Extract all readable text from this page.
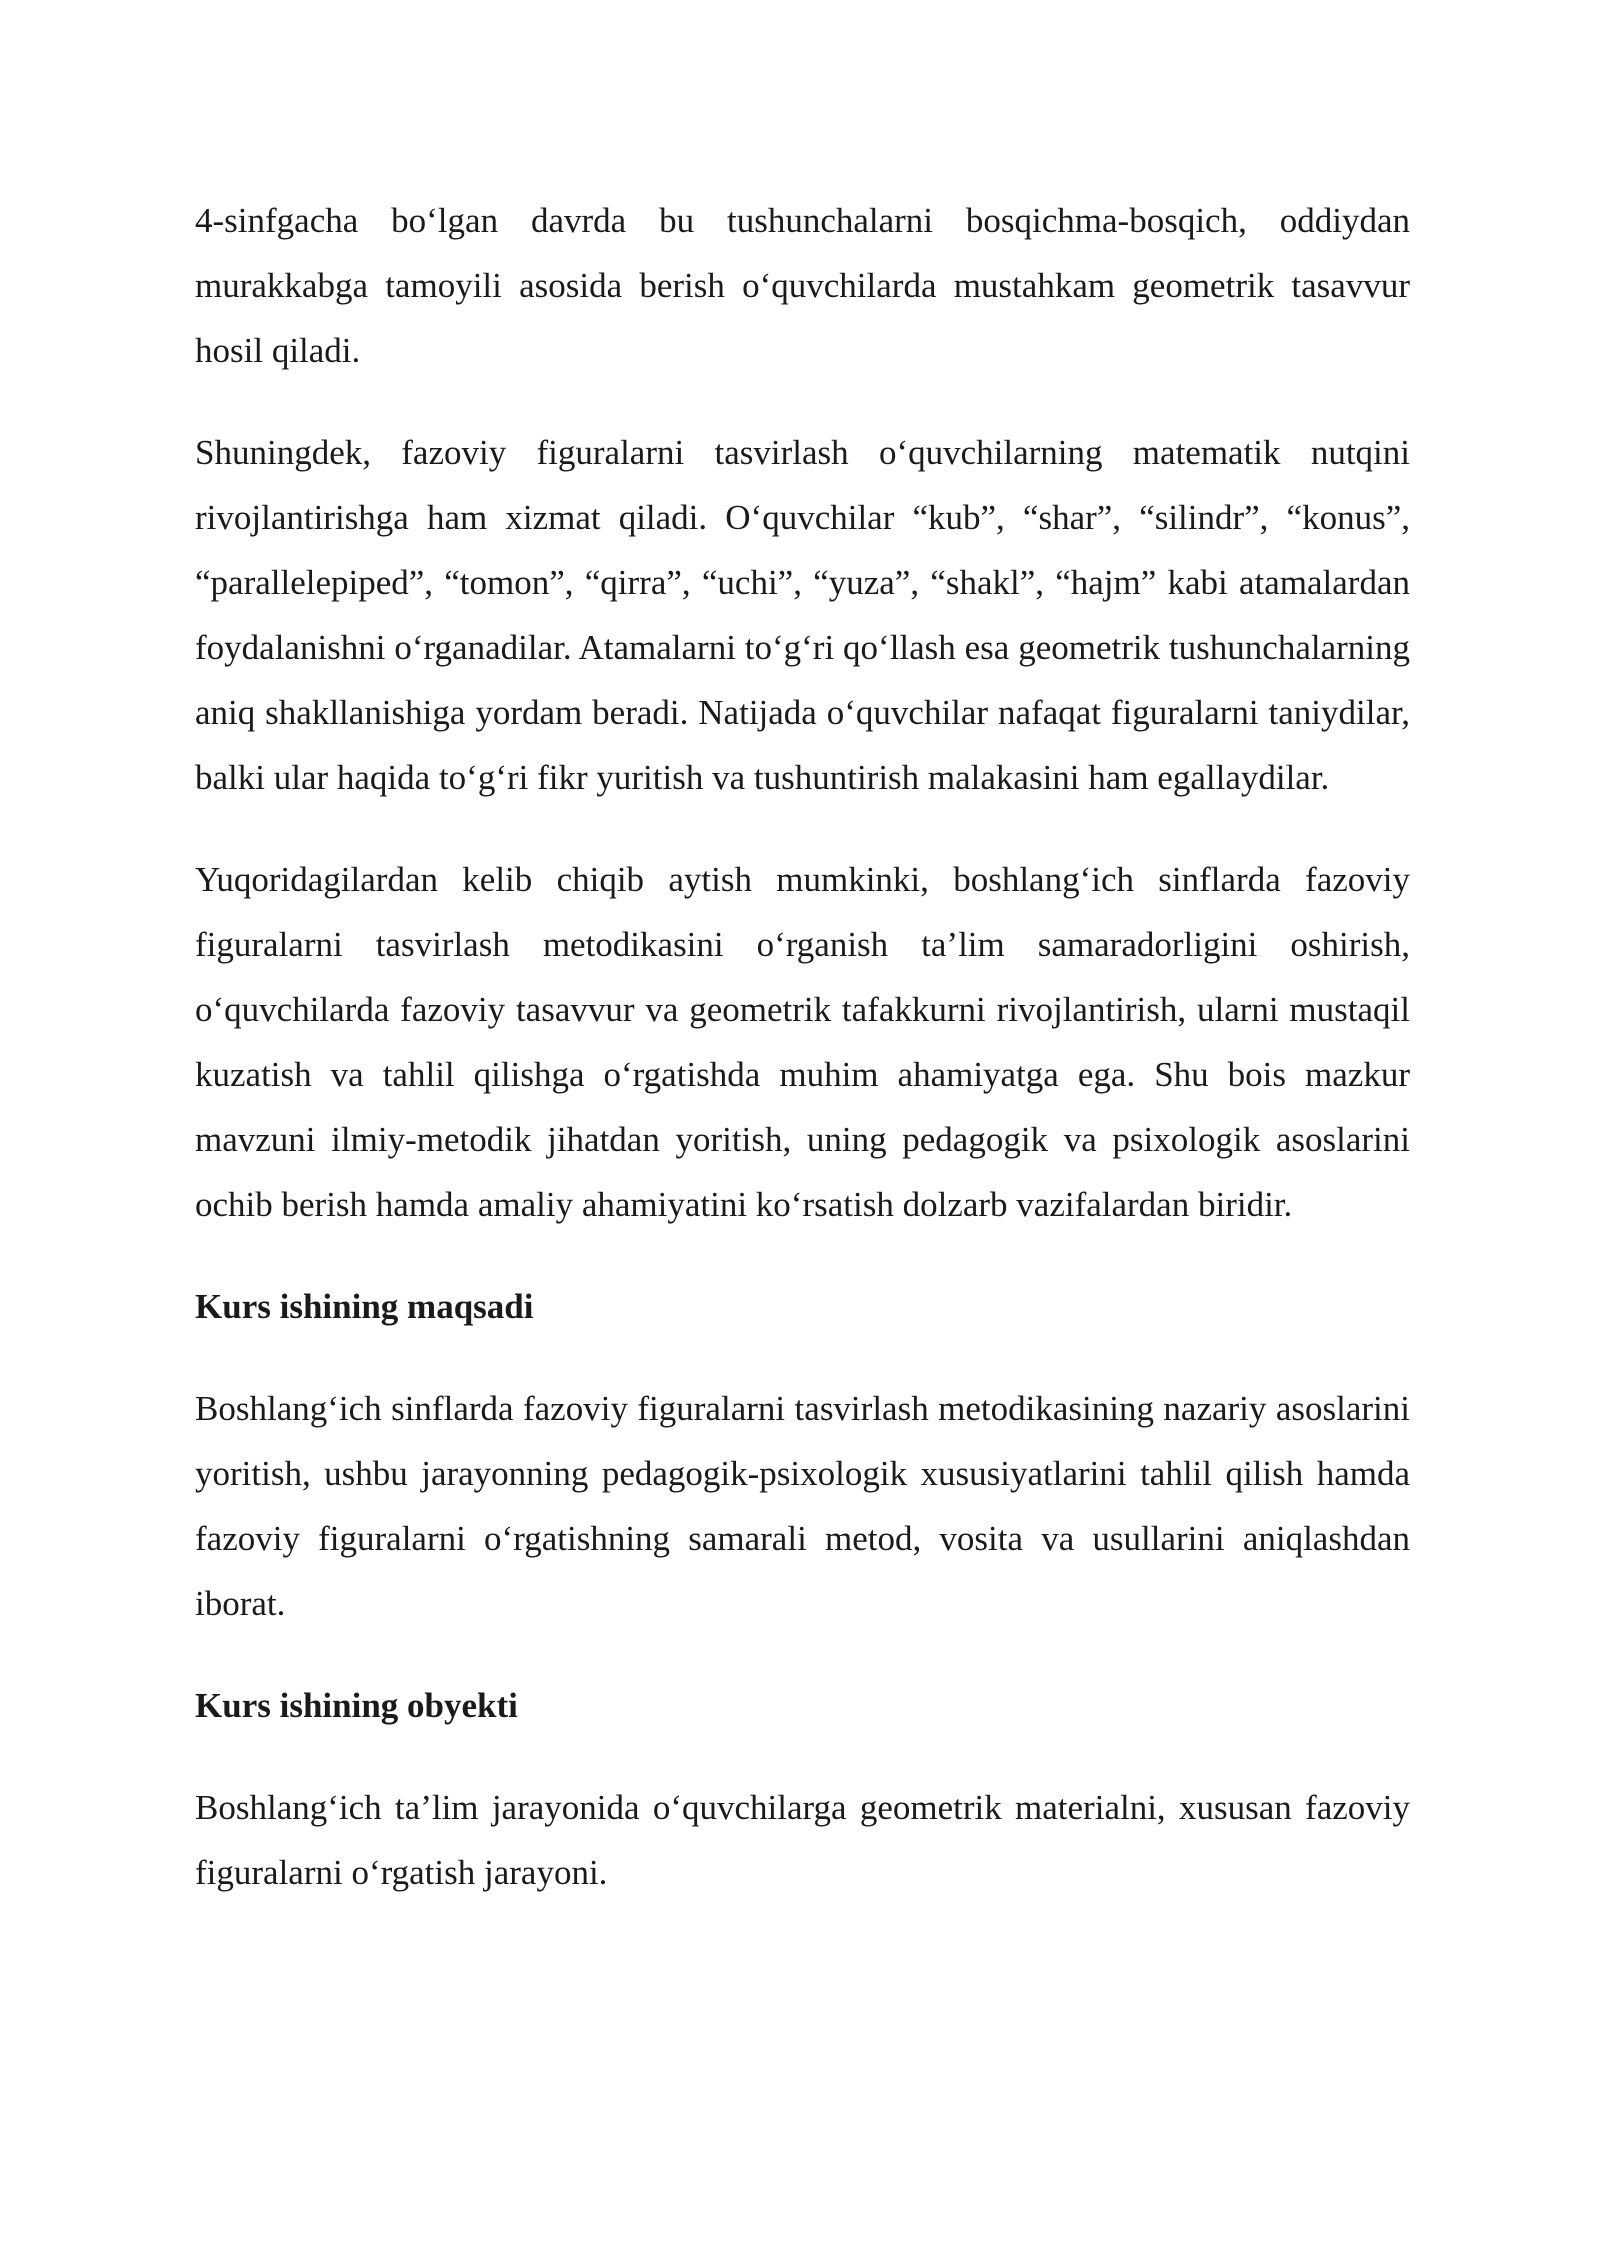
4-sinfgacha bo‘lgan davrda bu tushunchalarni bosqichma-bosqich, oddiydan murakkabga tamoyili asosida berish o‘quvchilarda mustahkam geometrik tasavvur hosil qiladi.

Shuningdek, fazoviy figuralarni tasvirlash o‘quvchilarning matematik nutqini rivojlantirishga ham xizmat qiladi. O‘quvchilar “kub”, “shar”, “silindr”, “konus”, “parallelepiped”, “tomon”, “qirra”, “uchi”, “yuza”, “shakl”, “hajm” kabi atamalardan foydalanishni o‘rganadilar. Atamalarni to‘g‘ri qo‘llash esa geometrik tushunchalarning aniq shakllanishiga yordam beradi. Natijada o‘quvchilar nafaqat figuralarni taniydilar, balki ular haqida to‘g‘ri fikr yuritish va tushuntirish malakasini ham egallaydilar.

Yuqoridagilardan kelib chiqib aytish mumkinki, boshlang‘ich sinflarda fazoviy figuralarni tasvirlash metodikasini o‘rganish ta’lim samaradorligini oshirish, o‘quvchilarda fazoviy tasavvur va geometrik tafakkurni rivojlantirish, ularni mustaqil kuzatish va tahlil qilishga o‘rgatishda muhim ahamiyatga ega. Shu bois mazkur mavzuni ilmiy-metodik jihatdan yoritish, uning pedagogik va psixologik asoslarini ochib berish hamda amaliy ahamiyatini ko‘rsatish dolzarb vazifalardan biridir.

Kurs ishining maqsadi

Boshlang‘ich sinflarda fazoviy figuralarni tasvirlash metodikasining nazariy asoslarini yoritish, ushbu jarayonning pedagogik-psixologik xususiyatlarini tahlil qilish hamda fazoviy figuralarni o‘rgatishning samarali metod, vosita va usullarini aniqlashdan iborat.

Kurs ishining obyekti

Boshlang‘ich ta’lim jarayonida o‘quvchilarga geometrik materialni, xususan fazoviy figuralarni o‘rgatish jarayoni.
